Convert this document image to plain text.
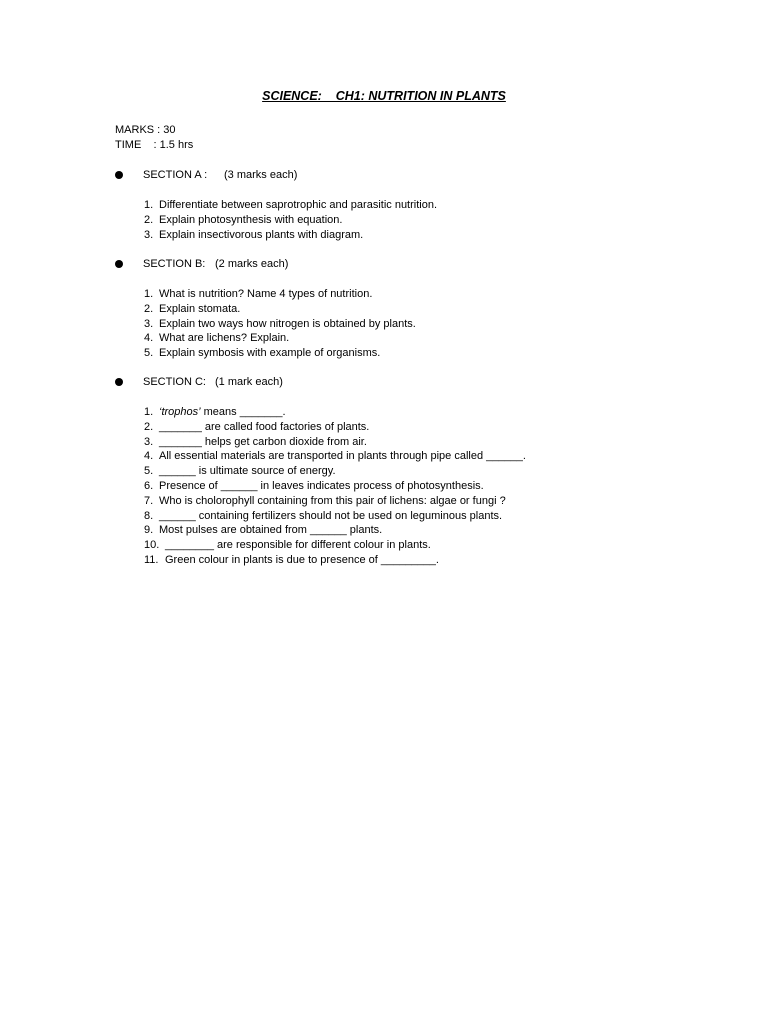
SCIENCE:    CH1: NUTRITION IN PLANTS
MARKS : 30
TIME    : 1.5 hrs

SECTION A :

(3 marks each)

1. Differentiate between saprotrophic and parasitic nutrition.
2. Explain photosynthesis with equation.
3. Explain insectivorous plants with diagram.

SECTION B:

(2 marks each)

1. What is nutrition? Name 4 types of nutrition.
2. Explain stomata.
3. Explain two ways how nitrogen is obtained by plants.
4. What are lichens? Explain.
5. Explain symbosis with example of organisms.

SECTION C:

(1 mark each)

1. ‘trophos’ means _______.
2. _______ are called food factories of plants.
3. _______ helps get carbon dioxide from air.
4. All essential materials are transported in plants through pipe called ______.
5. ______ is ultimate source of energy.
6. Presence of ______ in leaves indicates process of photosynthesis.
7. Who is cholorophyll containing from this pair of lichens: algae or fungi ?
8. ______ containing fertilizers should not be used on leguminous plants.
9. Most pulses are obtained from ______ plants.
10. ________ are responsible for different colour in plants.
11. Green colour in plants is due to presence of _________.
